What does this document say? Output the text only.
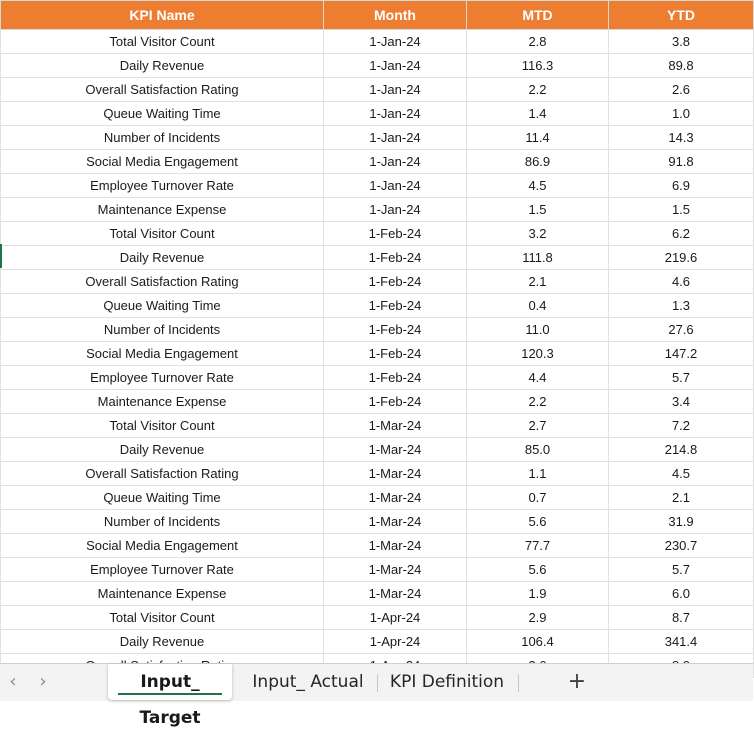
KPI Name	Month	MTD	YTD
Total Visitor Count	1-Jan-24	2.8	3.8
Daily Revenue	1-Jan-24	116.3	89.8
Overall Satisfaction Rating	1-Jan-24	2.2	2.6
Queue Waiting Time	1-Jan-24	1.4	1.0
Number of Incidents	1-Jan-24	11.4	14.3
Social Media Engagement	1-Jan-24	86.9	91.8
Employee Turnover Rate	1-Jan-24	4.5	6.9
Maintenance Expense	1-Jan-24	1.5	1.5
Total Visitor Count	1-Feb-24	3.2	6.2
Daily Revenue	1-Feb-24	111.8	219.6
Overall Satisfaction Rating	1-Feb-24	2.1	4.6
Queue Waiting Time	1-Feb-24	0.4	1.3
Number of Incidents	1-Feb-24	11.0	27.6
Social Media Engagement	1-Feb-24	120.3	147.2
Employee Turnover Rate	1-Feb-24	4.4	5.7
Maintenance Expense	1-Feb-24	2.2	3.4
Total Visitor Count	1-Mar-24	2.7	7.2
Daily Revenue	1-Mar-24	85.0	214.8
Overall Satisfaction Rating	1-Mar-24	1.1	4.5
Queue Waiting Time	1-Mar-24	0.7	2.1
Number of Incidents	1-Mar-24	5.6	31.9
Social Media Engagement	1-Mar-24	77.7	230.7
Employee Turnover Rate	1-Mar-24	5.6	5.7
Maintenance Expense	1-Mar-24	1.9	6.0
Total Visitor Count	1-Apr-24	2.9	8.7
Daily Revenue	1-Apr-24	106.4	341.4

‹	›	Input_ Target
Input_ Actual	KPI Definition	+
